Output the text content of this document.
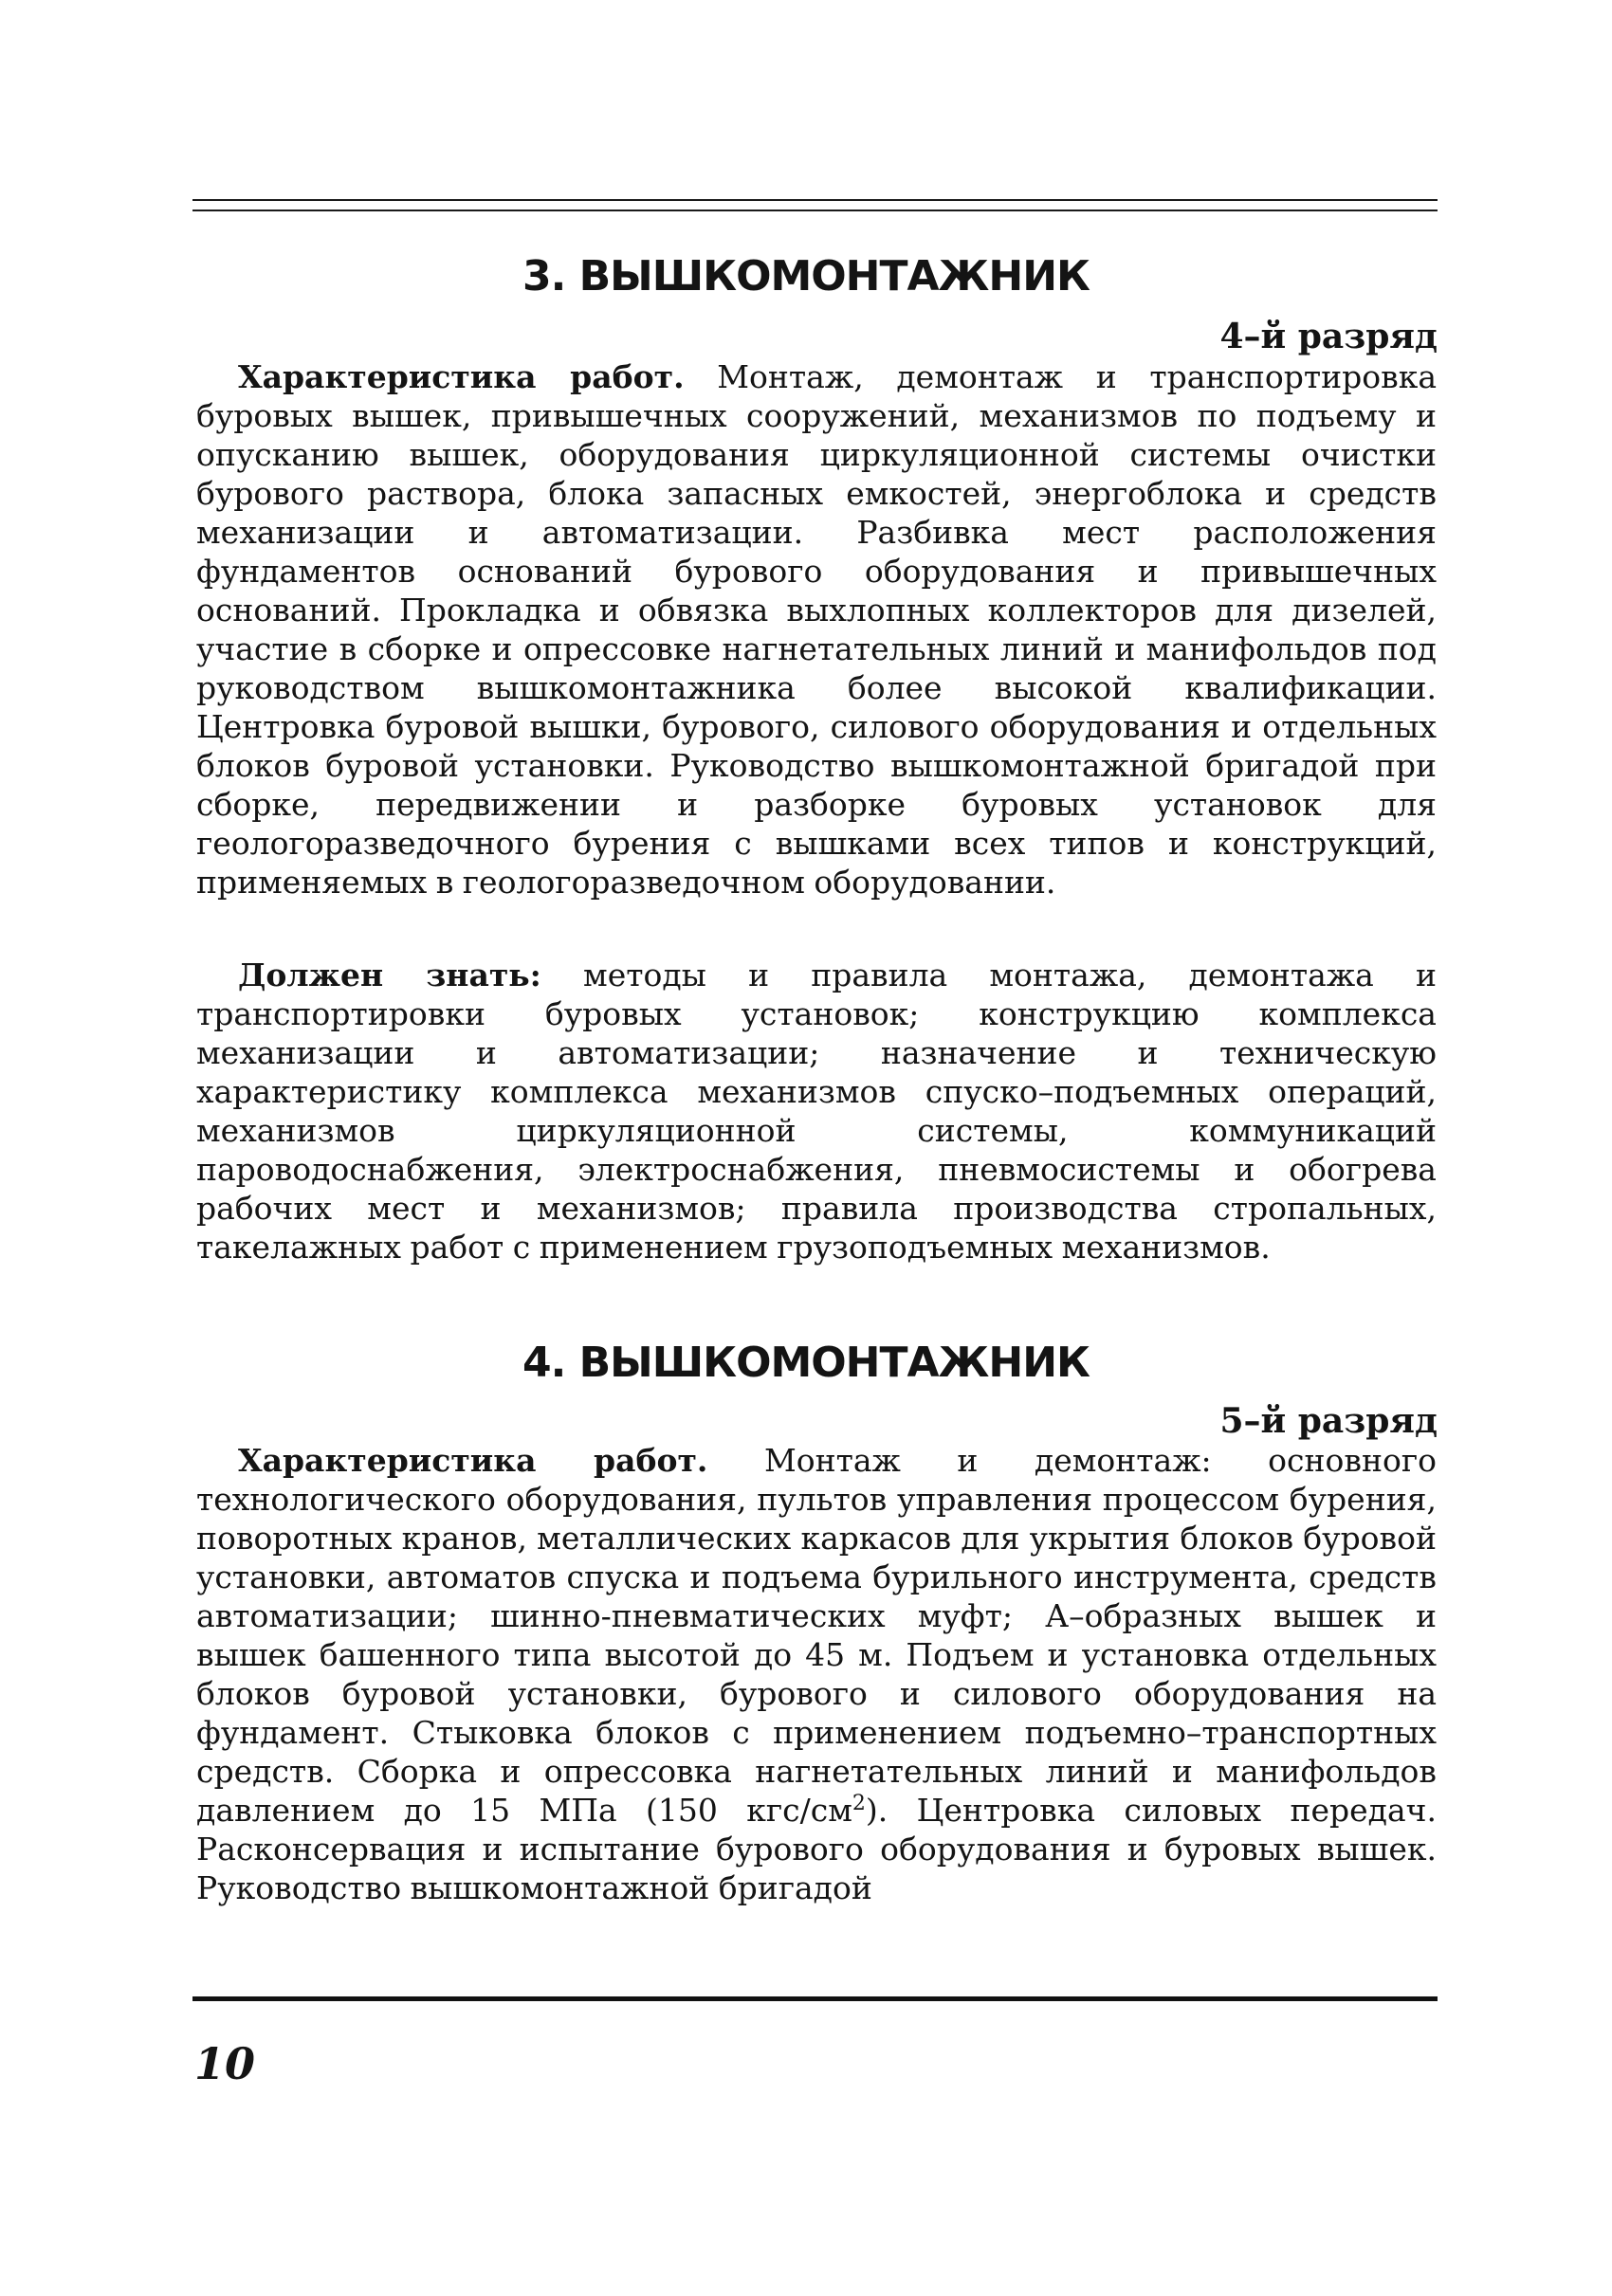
3. ВЫШКОМОНТАЖНИК

4–й разряд

Характеристика работ. Монтаж, демонтаж и транспортировка буровых вышек, привышечных сооружений, механизмов по подъему и опусканию вышек, оборудования циркуляционной системы очистки бурового раствора, блока запасных емкостей, энергоблока и средств механизации и автоматизации. Разбивка мест расположения фундаментов оснований бурового оборудования и привышечных оснований. Прокладка и обвязка выхлопных коллекторов для дизелей, участие в сборке и опрессовке нагнетательных линий и манифольдов под руководством вышкомонтажника более высокой квалификации. Центровка буровой вышки, бурового, силового оборудования и отдельных блоков буровой установки. Руководство вышкомонтажной бригадой при сборке, передвижении и разборке буровых установок для геологоразведочного бурения с вышками всех типов и конструкций, применяемых в геологоразведочном оборудовании.

Должен знать: методы и правила монтажа, демонтажа и транспортировки буровых установок; конструкцию комплекса механизации и автоматизации; назначение и техническую характеристику комплекса механизмов спуско–подъемных операций, механизмов циркуляционной системы, коммуникаций пароводоснабжения, электроснабжения, пневмосистемы и обогрева рабочих мест и механизмов; правила производства стропальных, такелажных работ с применением грузоподъемных механизмов.

4. ВЫШКОМОНТАЖНИК

5–й разряд

Характеристика работ. Монтаж и демонтаж: основного технологического оборудования, пультов управления процессом бурения, поворотных кранов, металлических каркасов для укрытия блоков буровой установки, автоматов спуска и подъема бурильного инструмента, средств автоматизации; шинно-пневматических муфт; А–образных вышек и вышек башенного типа высотой до 45 м. Подъем и установка отдельных блоков буровой установки, бурового и силового оборудования на фундамент. Стыковка блоков с применением подъемно–транспортных средств. Сборка и опрессовка нагнетательных линий и манифольдов давлением до 15 МПа (150 кгс/$см^2$). Центровка силовых передач. Расконсервация и испытание бурового оборудования и буровых вышек. Руководство вышкомонтажной бригадой

10
